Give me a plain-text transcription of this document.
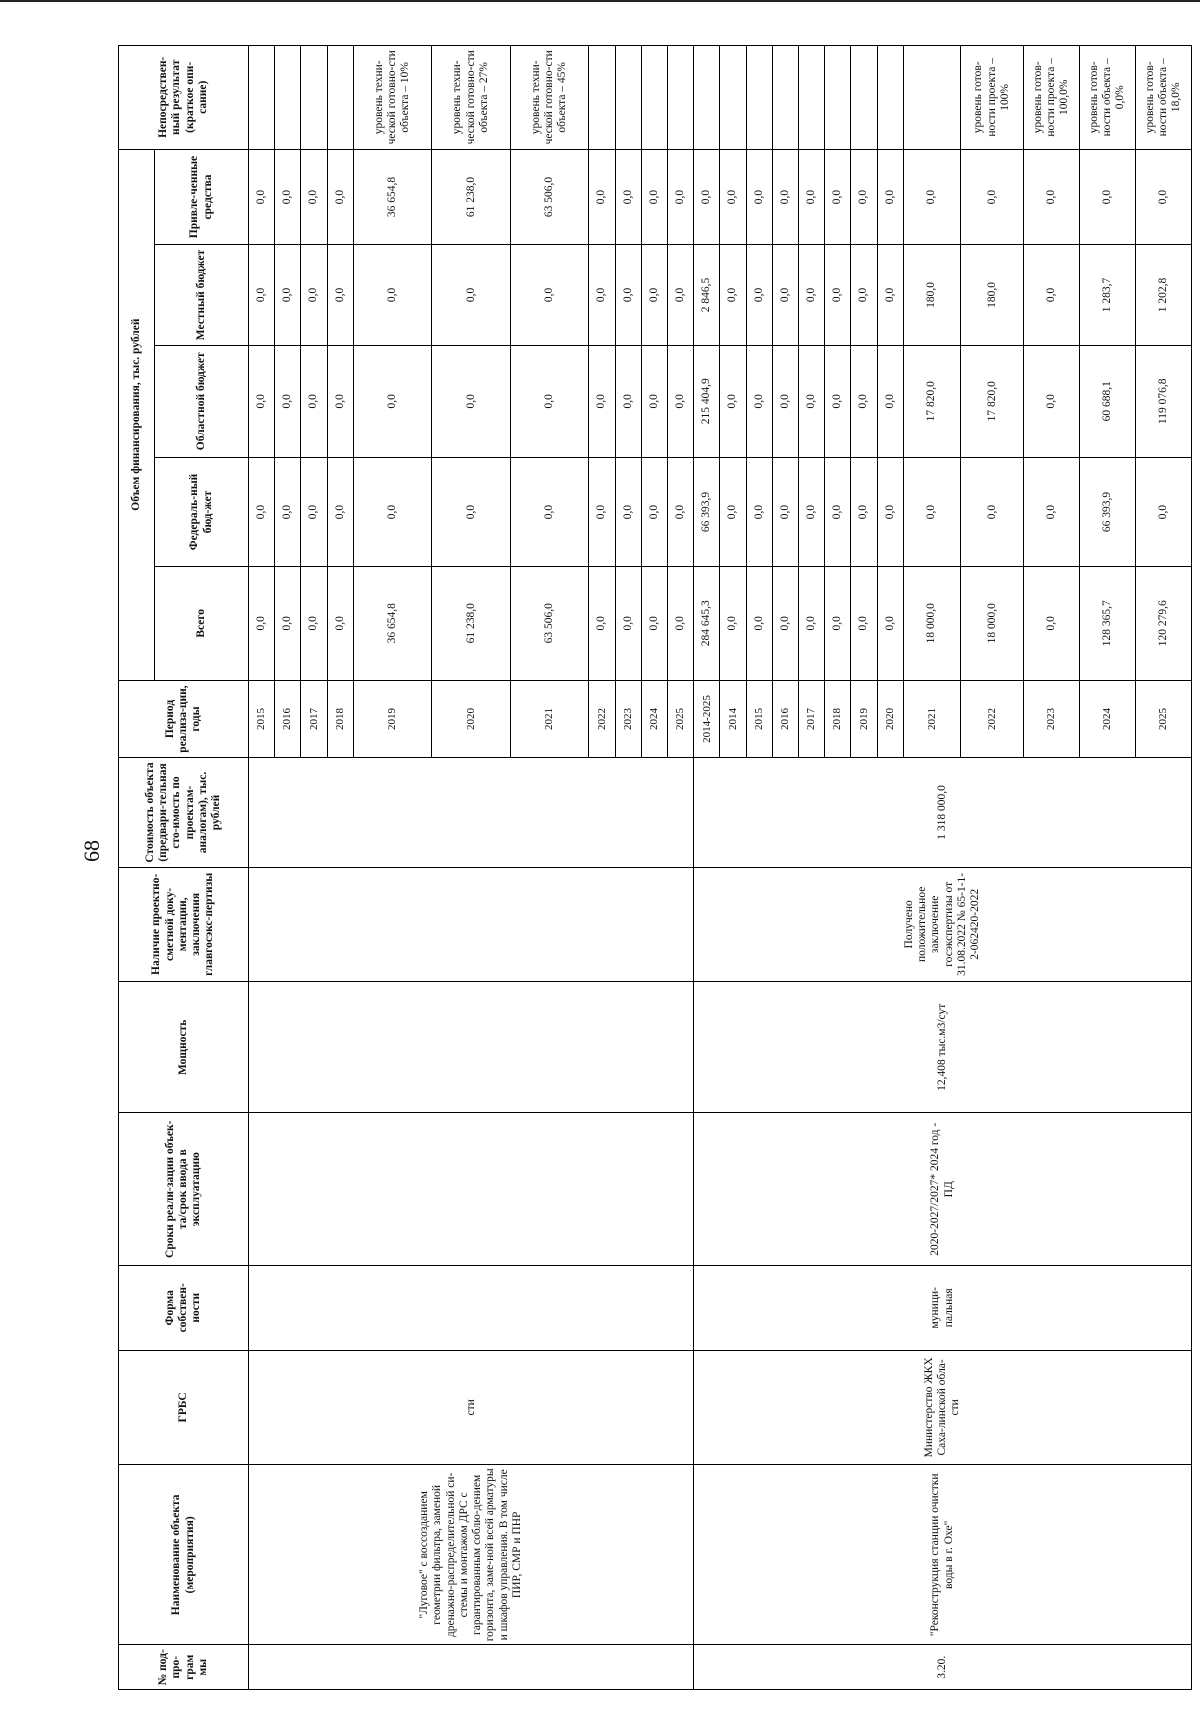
68
№ под-про-грам мы	Наименование объекта (мероприятия)	ГРБС	Форма собствен-ности	Сроки реали-зации объек-та/срок ввода в эксплуатацию	Мощность	Наличие проектно-сметной доку-ментации, заключения главгосэкс-пертизы	Стоимость объекта (предвари-тельная сто-имость по проектам-аналогам), тыс. рублей	Период реализа-ции, годы	Объем финансирования, тыс. рублей					Непосредствен-ный результат (краткое опи-сание)
									Всего	Федераль-ный бюд-жет	Областной бюджет	Местный бюджет	Привле-ченные средства	
	"Луговое" с воссозданием геометрии фильтра, заменой дренажно-распределительной си-стемы и монтажом ДРС с гарантированным соблю-дением горизонта, заме-ной всей арматуры и шкафов управления. В том числе ПИР, СМР и ПНР	сти						2015	0,0	0,0	0,0	0,0	0,0	
								2016	0,0	0,0	0,0	0,0	0,0	
								2017	0,0	0,0	0,0	0,0	0,0	
								2018	0,0	0,0	0,0	0,0	0,0	
								2019	36 654,8	0,0	0,0	0,0	36 654,8	уровень техни-ческой готовно-сти объекта – 10%
								2020	61 238,0	0,0	0,0	0,0	61 238,0	уровень техни-ческой готовно-сти объекта – 27%
								2021	63 506,0	0,0	0,0	0,0	63 506,0	уровень техни-ческой готовно-сти объекта – 45%
								2022	0,0	0,0	0,0	0,0	0,0	
								2023	0,0	0,0	0,0	0,0	0,0	
								2024	0,0	0,0	0,0	0,0	0,0	
								2025	0,0	0,0	0,0	0,0	0,0	
3.20.	"Реконструкция станции очистки воды в г. Охе"	Министерство ЖКХ Саха-линской обла-сти	муници-пальная	2020-2027/2027* 2024 год - ПД	12,408 тыс.м3/сут	Получено положительное заключение госэкспертизы от 31.08.2022 № 65-1-1-2-062420-2022	1 318 000,0	2014-2025	284 645,3	66 393,9	215 404,9	2 846,5	0,0	
								2014	0,0	0,0	0,0	0,0	0,0	
								2015	0,0	0,0	0,0	0,0	0,0	
								2016	0,0	0,0	0,0	0,0	0,0	
								2017	0,0	0,0	0,0	0,0	0,0	
								2018	0,0	0,0	0,0	0,0	0,0	
								2019	0,0	0,0	0,0	0,0	0,0	
								2020	0,0	0,0	0,0	0,0	0,0	
								2021	18 000,0	0,0	17 820,0	180,0	0,0	
								2022	18 000,0	0,0	17 820,0	180,0	0,0	уровень готов-ности проекта – 100%
								2023	0,0	0,0	0,0	0,0	0,0	уровень готов-ности проекта – 100,0%
								2024	128 365,7	66 393,9	60 688,1	1 283,7	0,0	уровень готов-ности объекта – 0,0%
								2025	120 279,6	0,0	119 076,8	1 202,8	0,0	уровень готов-ности объекта – 18,0%
